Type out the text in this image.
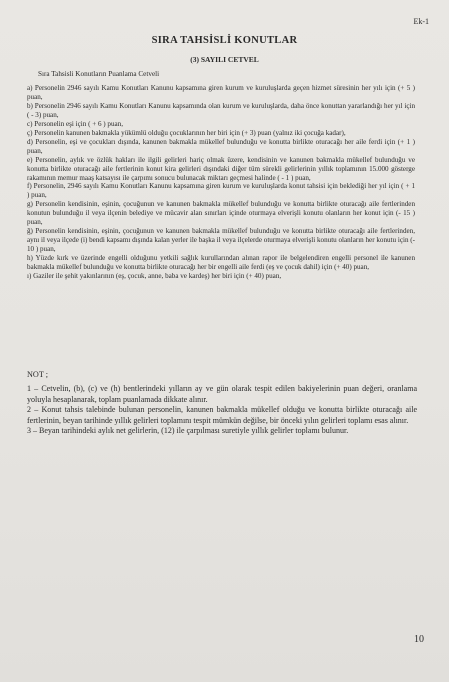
Ek-1
SIRA TAHSİSLİ KONUTLAR
(3) SAYILI CETVEL
Sıra Tahsisli Konutların Puanlama Cetveli

a) Personelin 2946 sayılı Kamu Konutları Kanunu kapsamına giren kurum ve kuruluşlarda geçen hizmet süresinin her yılı için (+ 5 ) puan,

b) Personelin 2946 sayılı Kamu Konutları Kanunu kapsamında olan kurum ve kuruluşlarda, daha önce konuttan yararlandığı her yıl için ( - 3) puan,

c) Personelin eşi için ( + 6 ) puan,

ç) Personelin kanunen bakmakla yükümlü olduğu çocuklarının her biri için (+ 3) puan (yalnız iki çocuğa kadar),

d) Personelin, eşi ve çocukları dışında, kanunen bakmakla mükellef bulunduğu ve konutta birlikte oturacağı her aile ferdi için (+ 1 ) puan,

e) Personelin, aylık ve özlük hakları ile ilgili gelirleri hariç olmak üzere, kendisinin ve kanunen bakmakla mükellef bulunduğu ve konutta birlikte oturacağı aile fertlerinin konut kira gelirleri dışındaki diğer tüm sürekli gelirlerinin yıllık toplamının 15.000 gösterge rakamının memur maaş katsayısı ile çarpımı sonucu bulunacak miktarı geçmesi halinde ( - 1 ) puan,

f) Personelin, 2946 sayılı Kamu Konutları Kanunu kapsamına giren kurum ve kuruluşlarda konut tahsisi için beklediği her yıl için ( + 1 ) puan,

g) Personelin kendisinin, eşinin, çocuğunun ve kanunen bakmakla mükellef bulunduğu ve konutta birlikte oturacağı aile fertlerinden konutun bulunduğu il veya ilçenin belediye ve mücavir alan sınırları içinde oturmaya elverişli konutu olanların her konut için (- 15 ) puan,

ğ) Personelin kendisinin, eşinin, çocuğunun ve kanunen bakmakla mükellef bulunduğu ve konutta birlikte oturacağı aile fertlerinden, aynı il veya ilçede (i) bendi kapsamı dışında kalan yerler ile başka il veya ilçelerde oturmaya elverişli konutu olanların her konutu için (- 10 ) puan,

h) Yüzde kırk ve üzerinde engelli olduğunu yetkili sağlık kurullarından alınan rapor ile belgelendiren engelli personel ile kanunen bakmakla mükellef bulunduğu ve konutta birlikte oturacağı her bir engelli aile ferdi (eş ve çocuk dahil) için (+ 40) puan,

ı) Gaziler ile şehit yakınlarının (eş, çocuk, anne, baba ve kardeş) her biri için (+ 40) puan,

NOT ;

1 – Cetvelin, (b), (c) ve (h) bentlerindeki yılların ay ve gün olarak tespit edilen bakiyelerinin puan değeri, oranlama yoluyla hesaplanarak, toplam puanlamada dikkate alınır.

2 – Konut tahsis talebinde bulunan personelin, kanunen bakmakla mükellef olduğu ve konutta birlikte oturacağı aile fertlerinin, beyan tarihinde yıllık gelirleri toplamını tespit mümkün değilse, bir önceki yılın gelirleri toplamı esas alınır.

3 – Beyan tarihindeki aylık net gelirlerin, (12) ile çarpılması suretiyle yıllık gelirler toplamı bulunur.

10
